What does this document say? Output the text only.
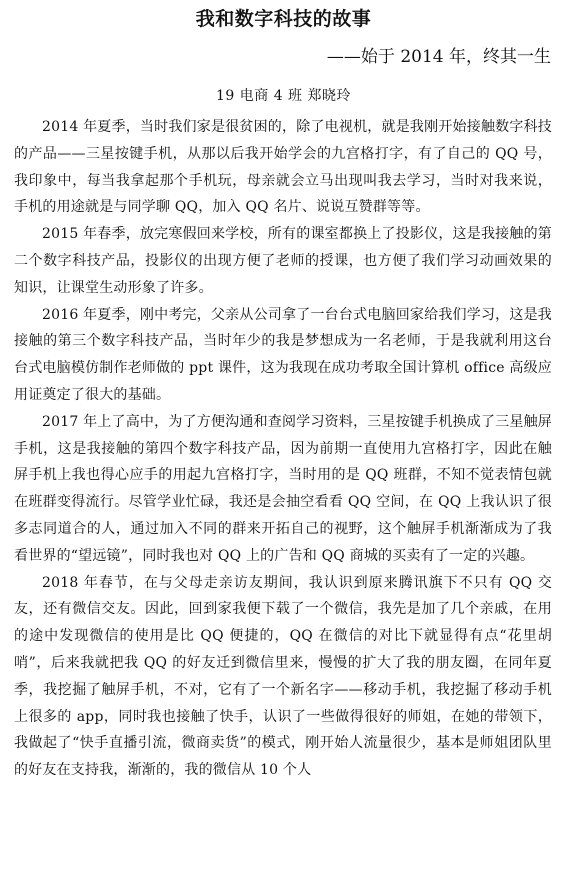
我和数字科技的故事
——始于 2014 年，终其一生
19 电商 4 班 郑晓玲

2014 年夏季，当时我们家是很贫困的，除了电视机，就是我刚开始接触数字科技的产品——三星按键手机，从那以后我开始学会的九宫格打字，有了自己的 QQ 号，我印象中，每当我拿起那个手机玩，母亲就会立马出现叫我去学习，当时对我来说，手机的用途就是与同学聊 QQ，加入 QQ 名片、说说互赞群等等。

2015 年春季，放完寒假回来学校，所有的课室都换上了投影仪，这是我接触的第二个数字科技产品，投影仪的出现方便了老师的授课，也方便了我们学习动画效果的知识，让课堂生动形象了许多。

2016 年夏季，刚中考完，父亲从公司拿了一台台式电脑回家给我们学习，这是我接触的第三个数字科技产品，当时年少的我是梦想成为一名老师，于是我就利用这台台式电脑模仿制作老师做的 ppt 课件，这为我现在成功考取全国计算机 office 高级应用证奠定了很大的基础。

2017 年上了高中，为了方便沟通和查阅学习资料，三星按键手机换成了三星触屏手机，这是我接触的第四个数字科技产品，因为前期一直使用九宫格打字，因此在触屏手机上我也得心应手的用起九宫格打字，当时用的是 QQ 班群，不知不觉表情包就在班群变得流行。尽管学业忙碌，我还是会抽空看看 QQ 空间，在 QQ 上我认识了很多志同道合的人，通过加入不同的群来开拓自己的视野，这个触屏手机渐渐成为了我看世界的“望远镜”，同时我也对 QQ 上的广告和 QQ 商城的买卖有了一定的兴趣。

2018 年春节，在与父母走亲访友期间，我认识到原来腾讯旗下不只有 QQ 交友，还有微信交友。因此，回到家我便下载了一个微信，我先是加了几个亲戚，在用的途中发现微信的使用是比 QQ 便捷的，QQ 在微信的对比下就显得有点“花里胡哨”，后来我就把我 QQ 的好友迁到微信里来，慢慢的扩大了我的朋友圈，在同年夏季，我挖掘了触屏手机，不对，它有了一个新名字——移动手机，我挖掘了移动手机上很多的 app，同时我也接触了快手，认识了一些做得很好的师姐，在她的带领下，我做起了“快手直播引流，微商卖货”的模式，刚开始人流量很少，基本是师姐团队里的好友在支持我，渐渐的，我的微信从 10 个人
